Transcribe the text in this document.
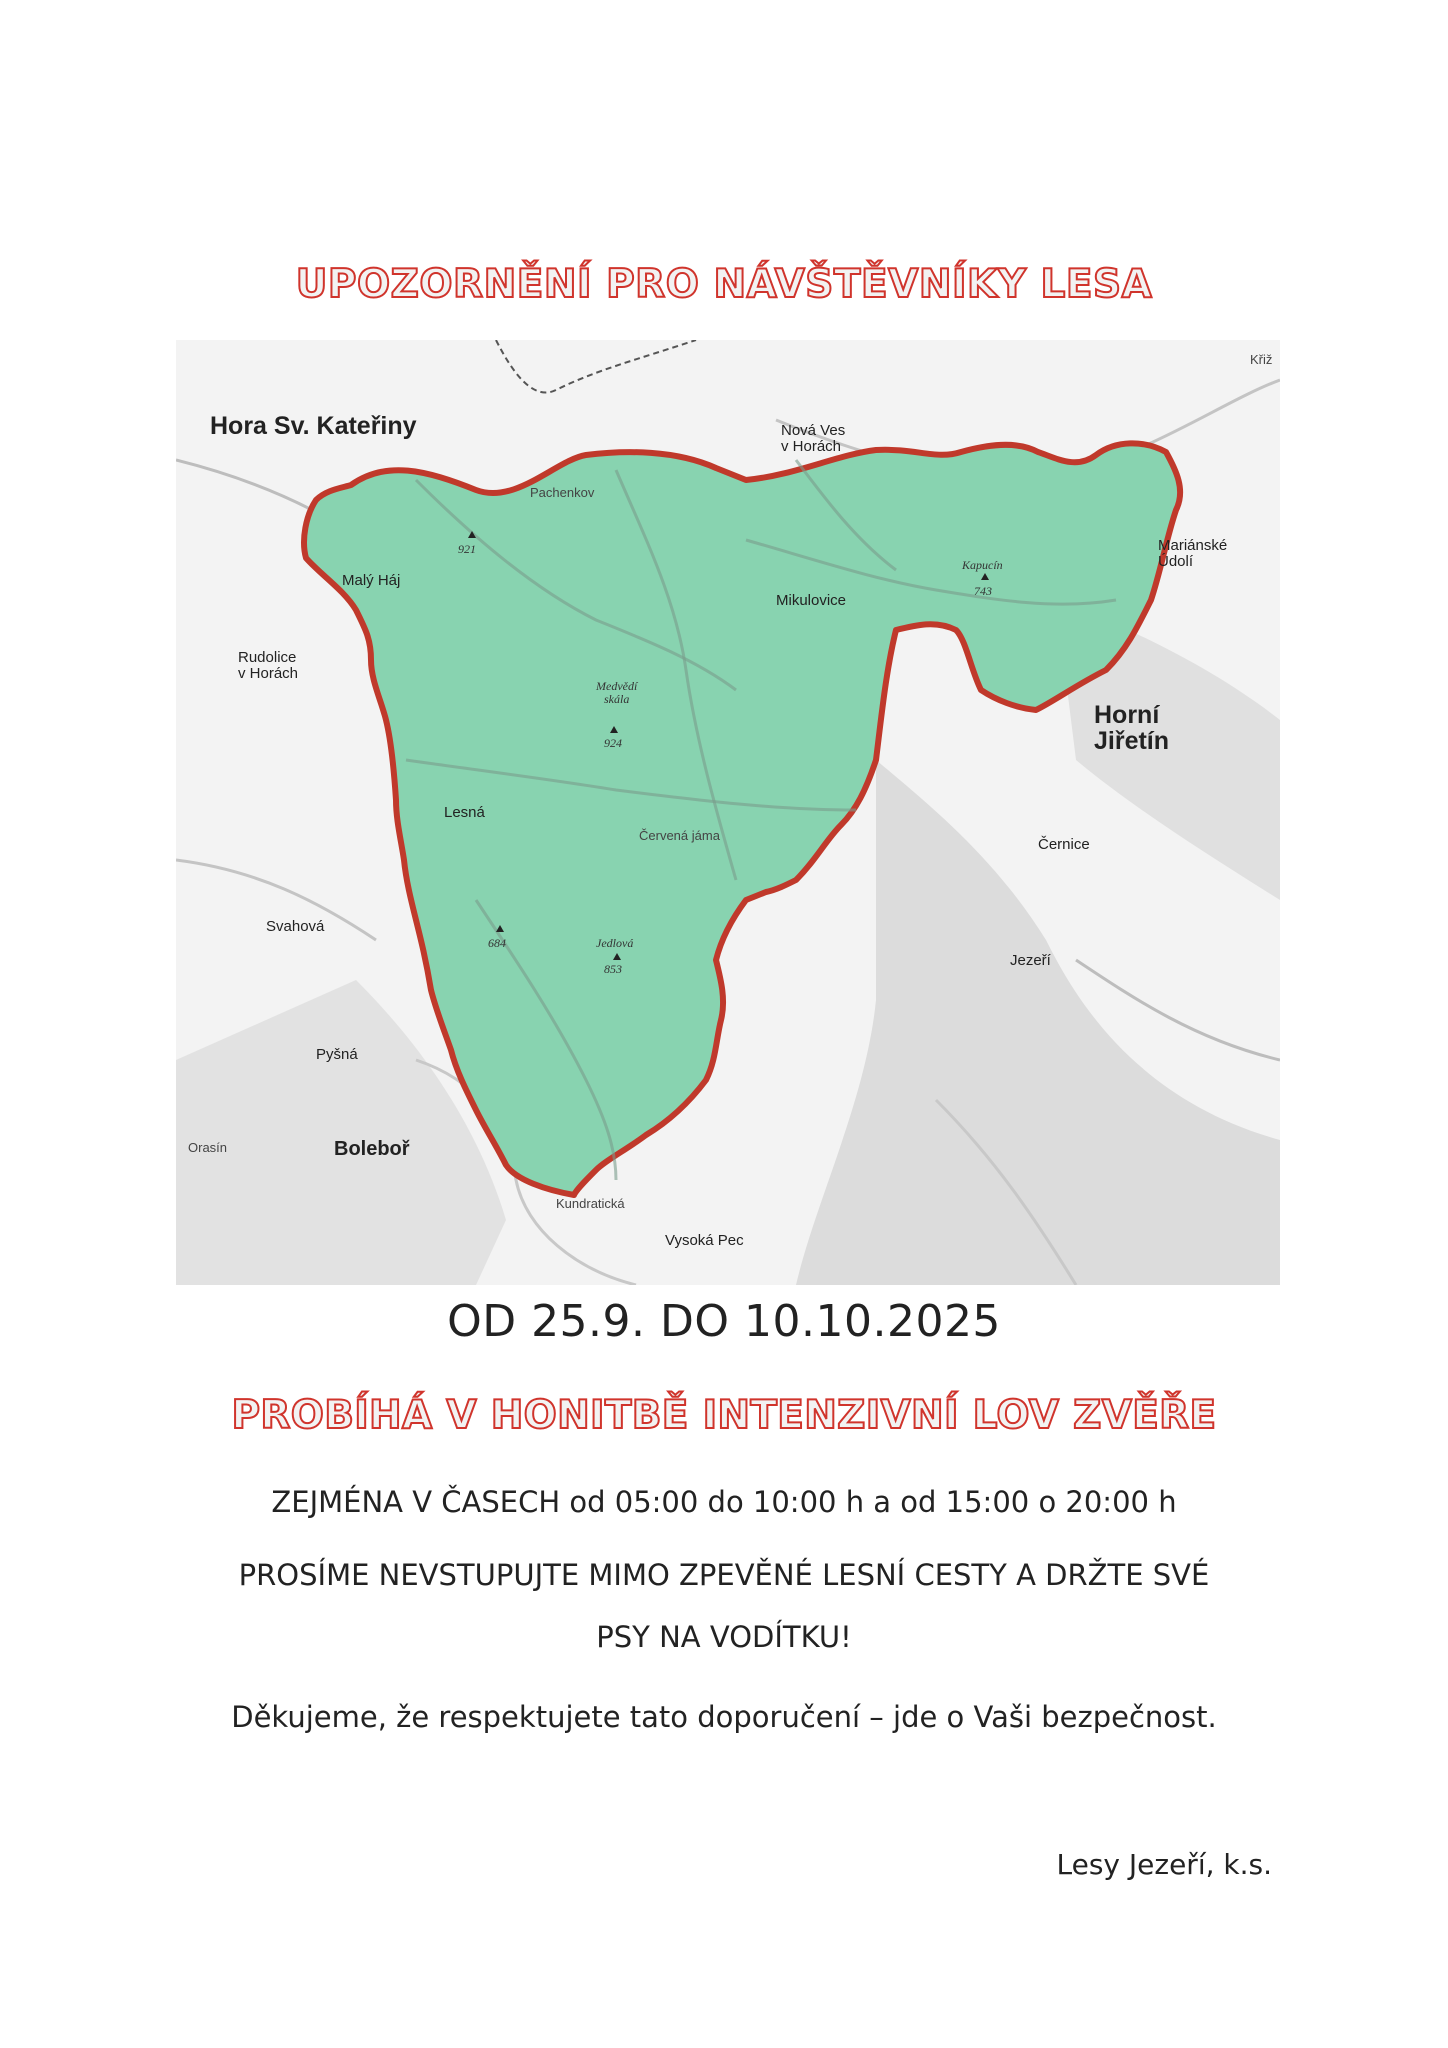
UPOZORNĚNÍ PRO NÁVŠTĚVNÍKY LESA
Hora Sv. Kateřiny
Horní
Jiřetín
Boleboř
Nová Ves
v Horách
Mariánské
Údolí
Rudolice
v Horách
Malý Háj
Mikulovice
Lesná
Svahová
Pyšná
Černice
Jezeří
Vysoká Pec
Orasín
Křiž
Pachenkov
Červená jáma
Kundratická
921
Medvědí
skála
924
Kapucín
743
Jedlová
853
684
OD 25.9. DO 10.10.2025
PROBÍHÁ V HONITBĚ INTENZIVNÍ LOV ZVĚŘE
ZEJMÉNA V ČASECH od 05:00 do 10:00 h a od 15:00 o 20:00 h
PROSÍME NEVSTUPUJTE MIMO ZPEVĚNÉ LESNÍ CESTY A DRŽTE SVÉ
PSY NA VODÍTKU!
Děkujeme, že respektujete tato doporučení – jde o Vaši bezpečnost.
Lesy Jezeří, k.s.
